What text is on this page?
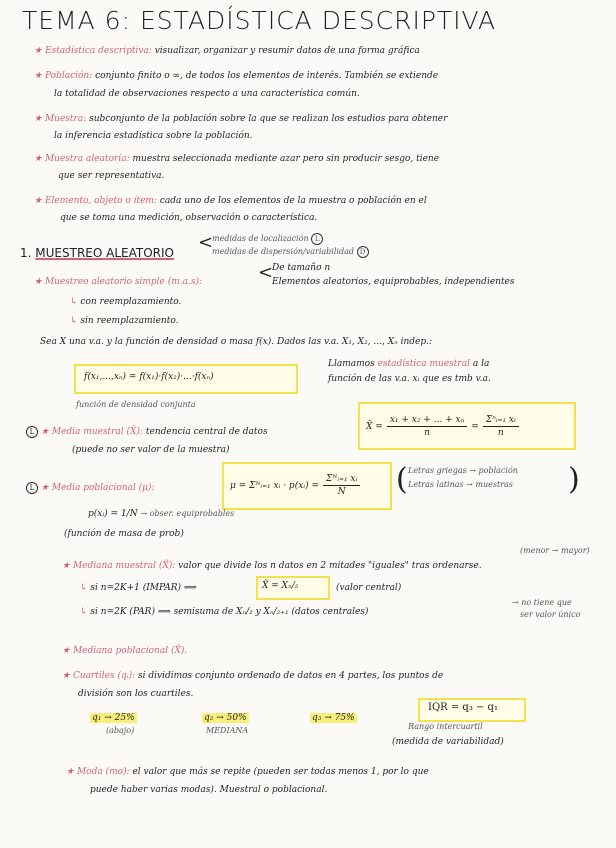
TEMA 6: ESTADÍSTICA DESCRIPTIVA
★ Estadística descriptiva: visualizar, organizar y resumir datos de una forma gráfica
★ Población: conjunto finito o ∞, de todos los elementos de interés. También se extiende
la totalidad de observaciones respecto a una característica común.
★ Muestra: subconjunto de la población sobre la que se realizan los estudios para obtener
la inferencia estadística sobre la población.
★ Muestra aleatoria: muestra seleccionada mediante azar pero sin producir sesgo, tiene
que ser representativa.
★ Elemento, objeto o ítem: cada uno de los elementos de la muestra o población en el
que se toma una medición, observación o característica.
1. MUESTREO ALEATORIO <
medidas de localización L
medidas de dispersión/variabilidad D
★ Muestreo aleatorio simple (m.a.s):	<
De tamaño n
Elementos aleatorios, equiprobables, independientes
↳ con reemplazamiento.
↳ sin reemplazamiento.
Sea X una v.a. y la función de densidad o masa f(x). Dados las v.a. X₁, X₂, ..., Xₙ indep.:
f(x₁,...,xₙ) = f(x₁)·f(x₂)·...·f(xₙ)
función de densidad conjunta
Llamamos estadística muestral a la
función de las v.a. xᵢ que es tmb v.a.
L ★ Media muestral (X̄): tendencia central de datos
(puede no ser valor de la muestra)
X̄ = $\frac{\text{x₁ + x₂ + ... + xₙ}}{n} = \frac{\text{Σⁿᵢ₌₁ xᵢ}}{n}$
L ★ Media poblacional (μ):	μ = Σᴺᵢ₌₁ xᵢ · p(xᵢ) = $\frac{\text{Σᴺᵢ₌₁ xᵢ}}{N}$ ( Letras griegas → población
Letras latinas → muestras )
p(xᵢ) = 1/N → obser. equiprobables
(función de masa de prob)
(menor → mayor)
★ Mediana muestral (X̃): valor que divide los n datos en 2 mitades "iguales" tras ordenarse.
↳ si n=2K+1 (IMPAR) ⟹	X̃ = Xₙ/₂	(valor central)
↳ si n=2K (PAR) ⟹ semisuma de Xₙ/₂ y Xₙ/₂₊₁ (datos centrales)
→ no tiene que
ser valor único
★ Mediana poblacional (X̃).
★ Cuartiles (qᵢ): si dividimos conjunto ordenado de datos en 4 partes, los puntos de
división son los cuartiles.
q₁ → 25%
(abajo)
q₂ → 50%
MEDIANA
q₃ → 75%
IQR = q₃ − q₁
Rango intercuartil
(medida de variabilidad)
★ Moda (mo): el valor que más se repite (pueden ser todas menos 1, por lo que
puede haber varias modas). Muestral o poblacional.
